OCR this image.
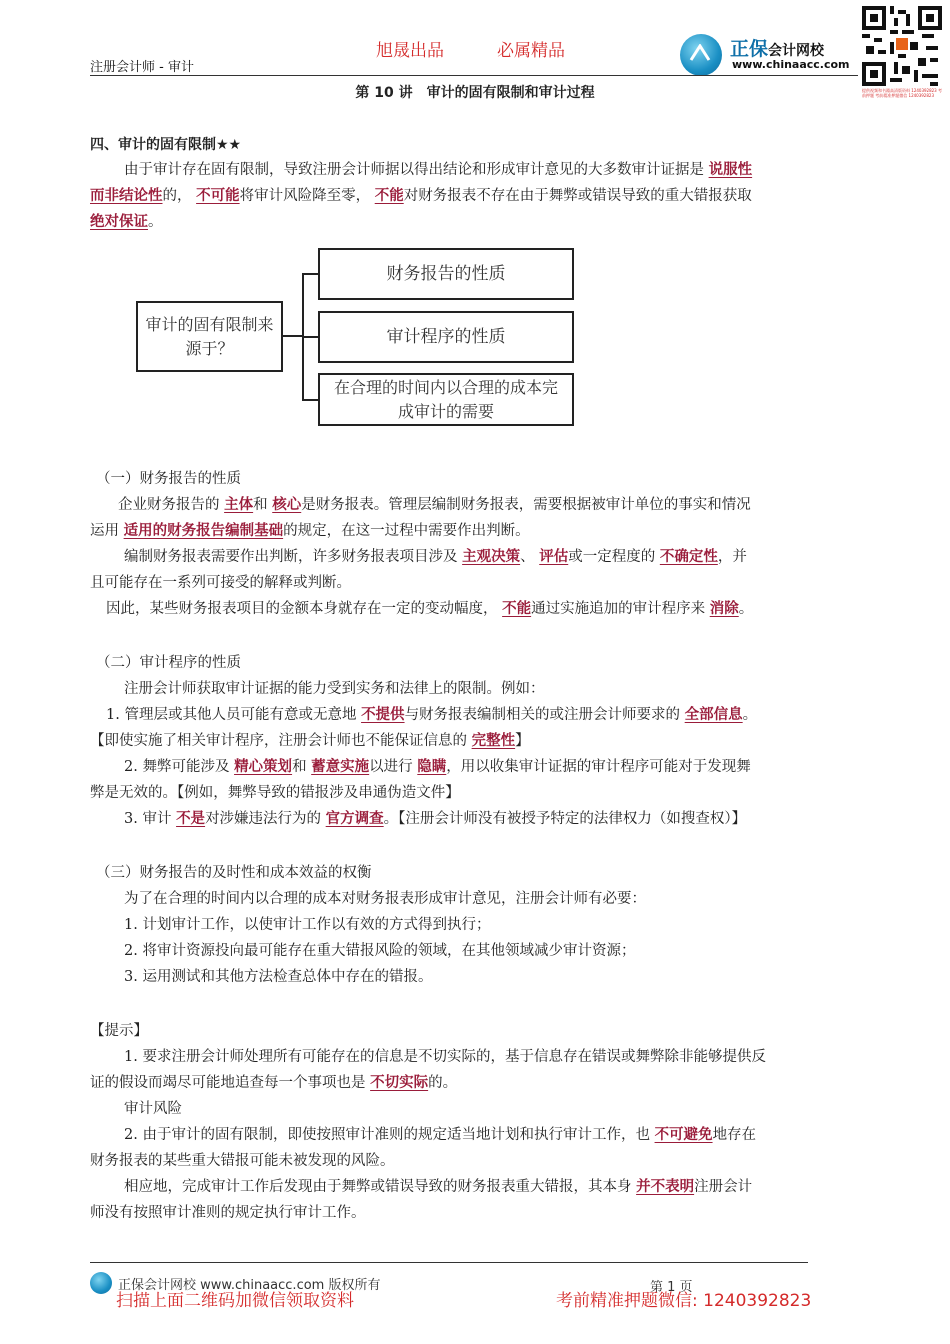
注册会计师 - 审计
旭晟出品	必属精品	正保会计网校
www.chinaacc.com
提供视频和书籍高清版资料 1240392823 考前押题 考前精准押题微信 1240392823
第 10 讲　审计的固有限制和审计过程
四、审计的固有限制★★
由于审计存在固有限制，导致注册会计师据以得出结论和形成审计意见的大多数审计证据是 说服性
而非结论性的， 不可能将审计风险降至零， 不能对财务报表不存在由于舞弊或错误导致的重大错报获取
绝对保证。
审计的固有限制来
源于？
财务报告的性质
审计程序的性质
在合理的时间内以合理的成本完
成审计的需要
（一）财务报告的性质
企业财务报告的 主体和 核心是财务报表。管理层编制财务报表，需要根据被审计单位的事实和情况
运用 适用的财务报告编制基础的规定，在这一过程中需要作出判断。
编制财务报表需要作出判断，许多财务报表项目涉及 主观决策、 评估或一定程度的 不确定性，并
且可能存在一系列可接受的解释或判断。
因此，某些财务报表项目的金额本身就存在一定的变动幅度， 不能通过实施追加的审计程序来 消除。
（二）审计程序的性质
注册会计师获取审计证据的能力受到实务和法律上的限制。例如：
1. 管理层或其他人员可能有意或无意地 不提供与财务报表编制相关的或注册会计师要求的 全部信息。
【即使实施了相关审计程序，注册会计师也不能保证信息的 完整性】
2. 舞弊可能涉及 精心策划和 蓄意实施以进行 隐瞒，用以收集审计证据的审计程序可能对于发现舞
弊是无效的。【例如，舞弊导致的错报涉及串通伪造文件】
3. 审计 不是对涉嫌违法行为的 官方调查。【注册会计师没有被授予特定的法律权力（如搜查权）】
（三）财务报告的及时性和成本效益的权衡
为了在合理的时间内以合理的成本对财务报表形成审计意见，注册会计师有必要：
1. 计划审计工作，以使审计工作以有效的方式得到执行；
2. 将审计资源投向最可能存在重大错报风险的领域，在其他领域减少审计资源；
3. 运用测试和其他方法检查总体中存在的错报。
【提示】
1. 要求注册会计师处理所有可能存在的信息是不切实际的，基于信息存在错误或舞弊除非能够提供反
证的假设而竭尽可能地追查每一个事项也是 不切实际的。
审计风险
2. 由于审计的固有限制，即使按照审计准则的规定适当地计划和执行审计工作，也 不可避免地存在
财务报表的某些重大错报可能未被发现的风险。
相应地，完成审计工作后发现由于舞弊或错误导致的财务报表重大错报，其本身 并不表明注册会计
师没有按照审计准则的规定执行审计工作。
正保会计网校 www.chinaacc.com 版权所有	第 1 页
扫描上面二维码加微信领取资料	考前精准押题微信: 1240392823
